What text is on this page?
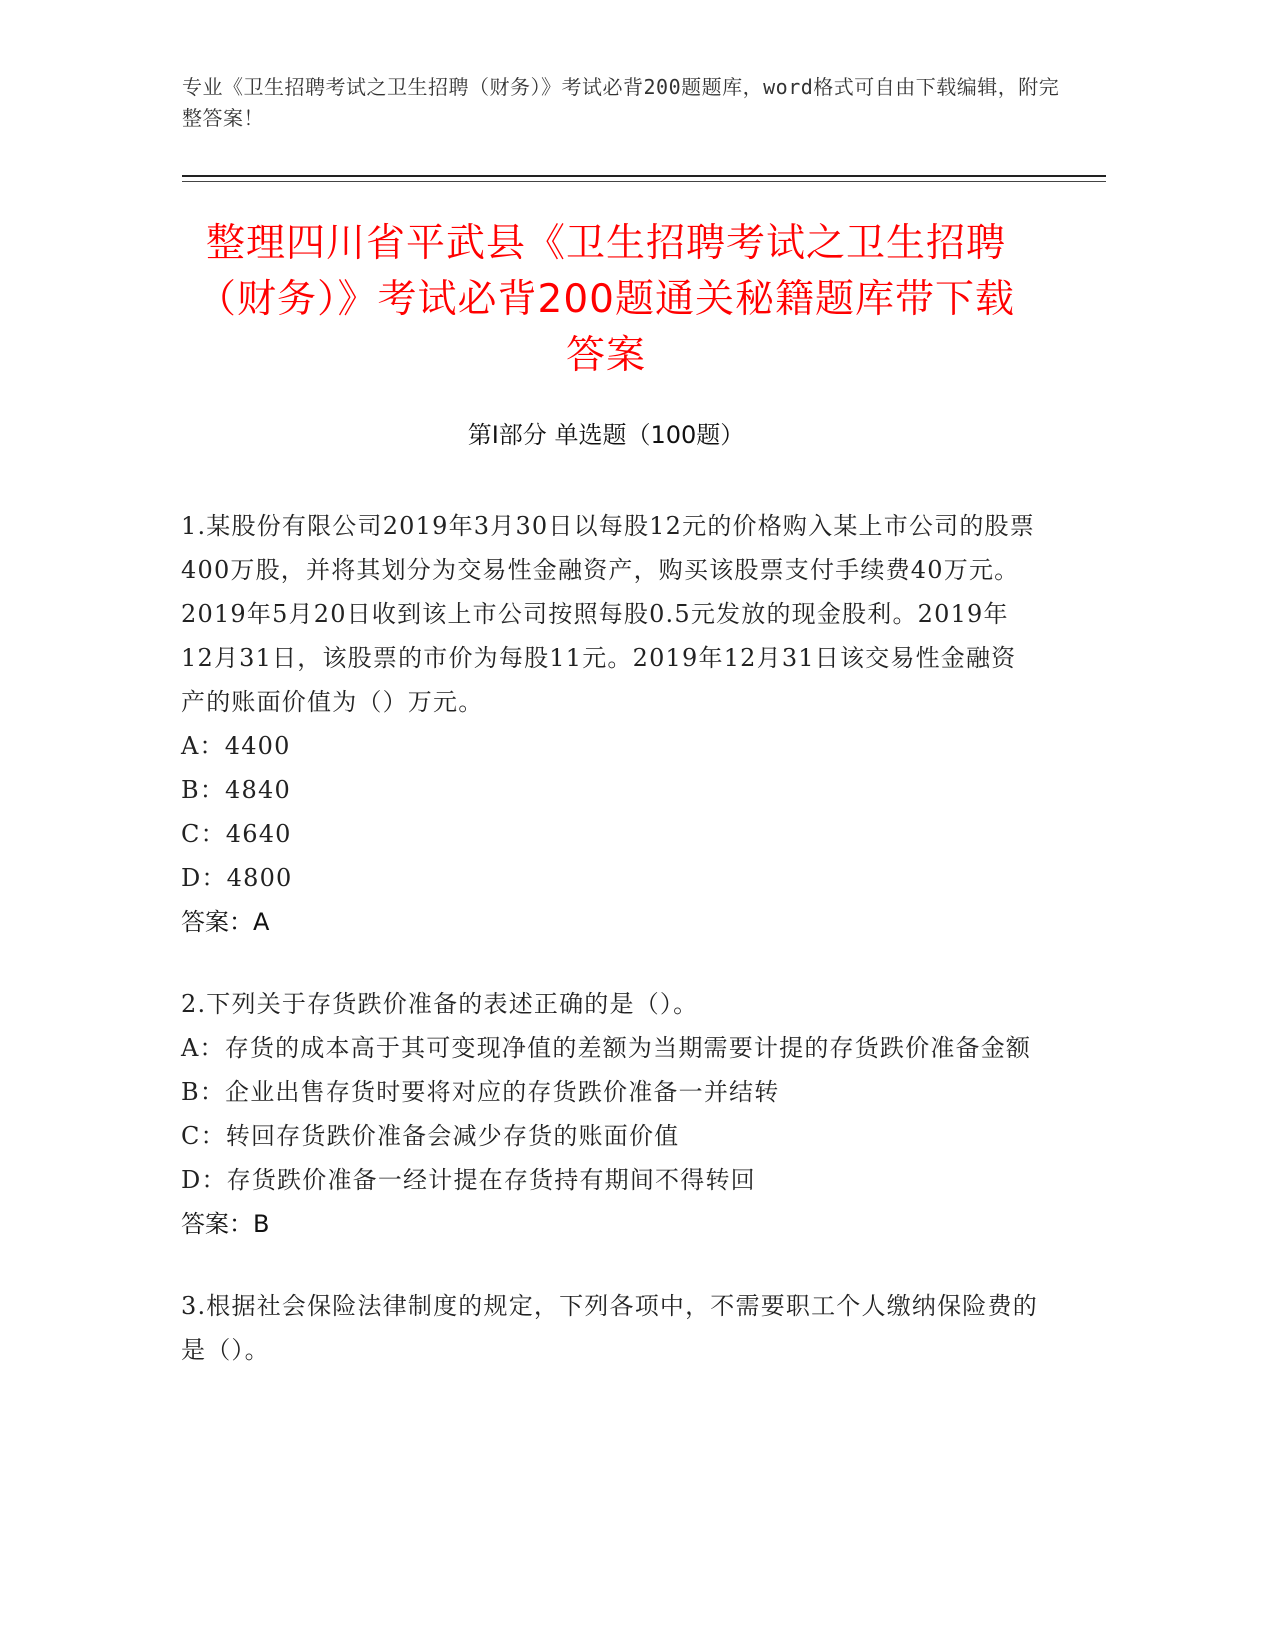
专业《卫生招聘考试之卫生招聘（财务）》考试必背200题题库，word格式可自由下载编辑，附完整答案！
整理四川省平武县《卫生招聘考试之卫生招聘（财务）》考试必背200题通关秘籍题库带下载答案
第I部分 单选题（100题）

1.某股份有限公司2019年3月30日以每股12元的价格购入某上市公司的股票400万股，并将其划分为交易性金融资产，购买该股票支付手续费40万元。2019年5月20日收到该上市公司按照每股0.5元发放的现金股利。2019年12月31日，该股票的市价为每股11元。2019年12月31日该交易性金融资产的账面价值为（）万元。

A：4400

B：4840

C：4640

D：4800

答案：A

2.下列关于存货跌价准备的表述正确的是（）。

A：存货的成本高于其可变现净值的差额为当期需要计提的存货跌价准备金额

B：企业出售存货时要将对应的存货跌价准备一并结转

C：转回存货跌价准备会减少存货的账面价值

D：存货跌价准备一经计提在存货持有期间不得转回

答案：B

3.根据社会保险法律制度的规定，下列各项中，不需要职工个人缴纳保险费的是（）。
